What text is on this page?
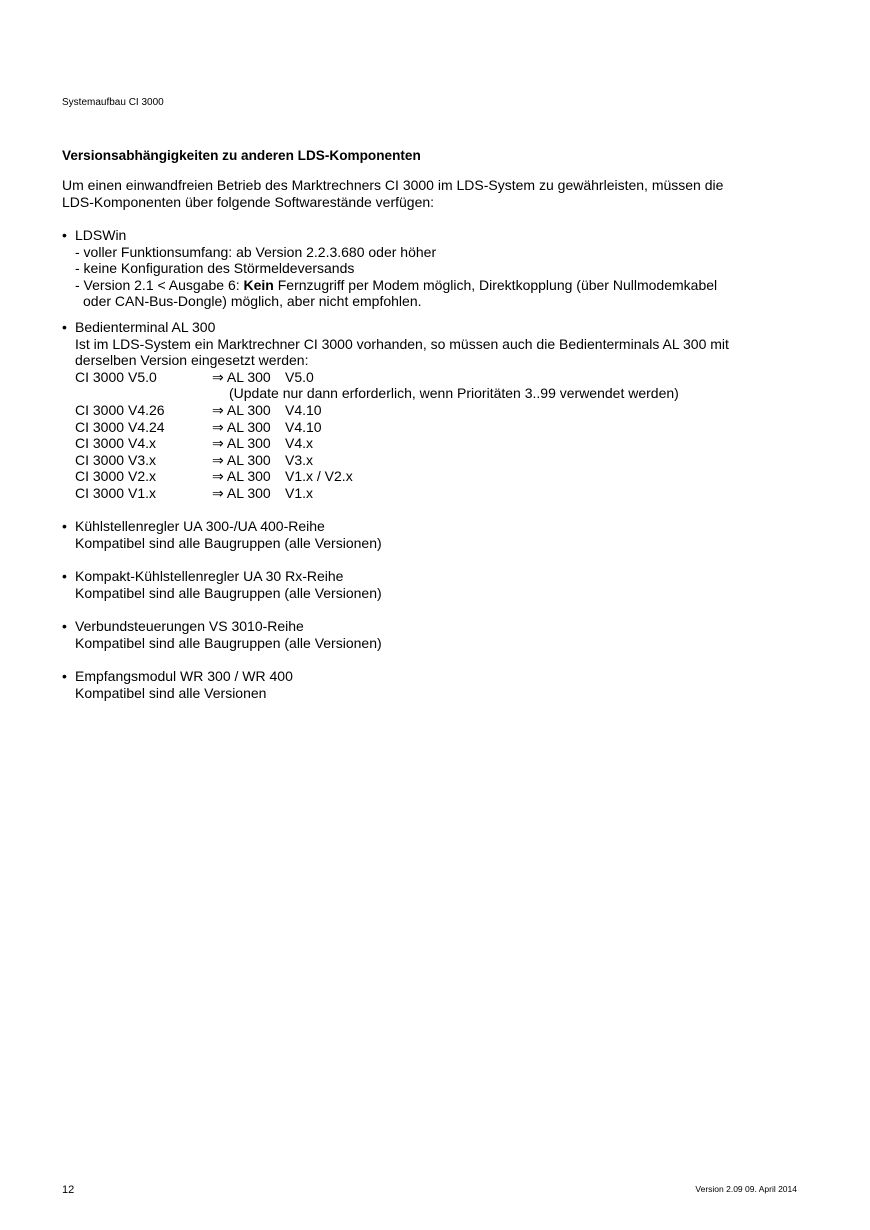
Systemaufbau CI 3000
Versionsabhängigkeiten zu anderen LDS-Komponenten
Um einen einwandfreien Betrieb des Marktrechners CI 3000 im LDS-System zu gewährleisten, müssen die
LDS-Komponenten über folgende Softwarestände verfügen:
• LDSWin
- voller Funktionsumfang: ab Version 2.2.3.680 oder höher
- keine Konfiguration des Störmeldeversands
- Version 2.1 < Ausgabe 6: Kein Fernzugriff per Modem möglich, Direktkopplung (über Nullmodemkabel
oder CAN-Bus-Dongle) möglich, aber nicht empfohlen.
• Bedienterminal AL 300
Ist im LDS-System ein Marktrechner CI 3000 vorhanden, so müssen auch die Bedienterminals AL 300 mit
derselben Version eingesetzt werden:
CI 3000	V5.0	⇒ AL 300	V5.0
		(Update nur dann erforderlich, wenn Prioritäten 3..99 verwendet werden)	
CI 3000	V4.26	⇒ AL 300	V4.10
CI 3000	V4.24	⇒ AL 300	V4.10
CI 3000	V4.x	⇒ AL 300	V4.x
CI 3000	V3.x	⇒ AL 300	V3.x
CI 3000	V2.x	⇒ AL 300	V1.x / V2.x
CI 3000	V1.x	⇒ AL 300	V1.x
• Kühlstellenregler UA 300-/UA 400-Reihe
Kompatibel sind alle Baugruppen (alle Versionen)
• Kompakt-Kühlstellenregler UA 30 Rx-Reihe
Kompatibel sind alle Baugruppen (alle Versionen)
• Verbundsteuerungen VS 3010-Reihe
Kompatibel sind alle Baugruppen (alle Versionen)
• Empfangsmodul WR 300 / WR 400
Kompatibel sind alle Versionen
12	Version 2.09 09. April 2014
